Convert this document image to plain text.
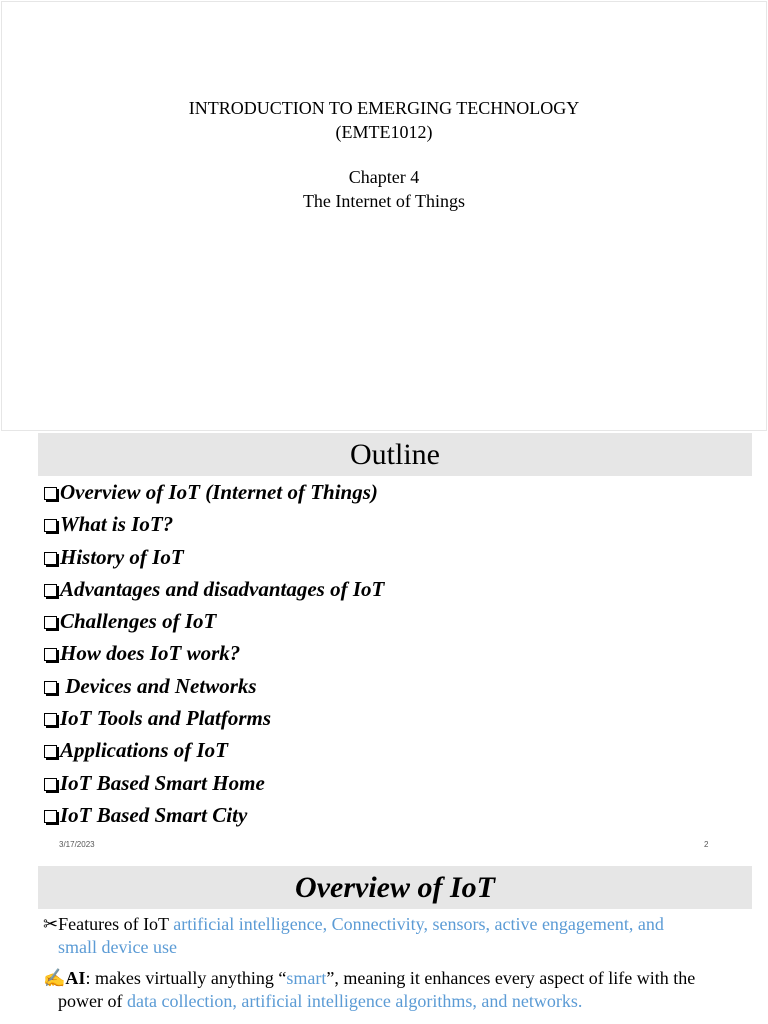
INTRODUCTION TO EMERGING TECHNOLOGY
(EMTE1012)
Chapter 4
The Internet of Things
Outline
Overview of IoT (Internet of Things)
What is IoT?
History of IoT
Advantages and disadvantages of IoT
Challenges of IoT
How does IoT work?
Devices and Networks
IoT Tools and Platforms
Applications of IoT
IoT Based Smart Home
IoT Based Smart City
3/17/2023	2
Overview of IoT
✂Features of IoT artificial intelligence, Connectivity, sensors, active engagement, and
small device use
✍AI: makes virtually anything “smart”, meaning it enhances every aspect of life with the
power of data collection, artificial intelligence algorithms, and networks.
